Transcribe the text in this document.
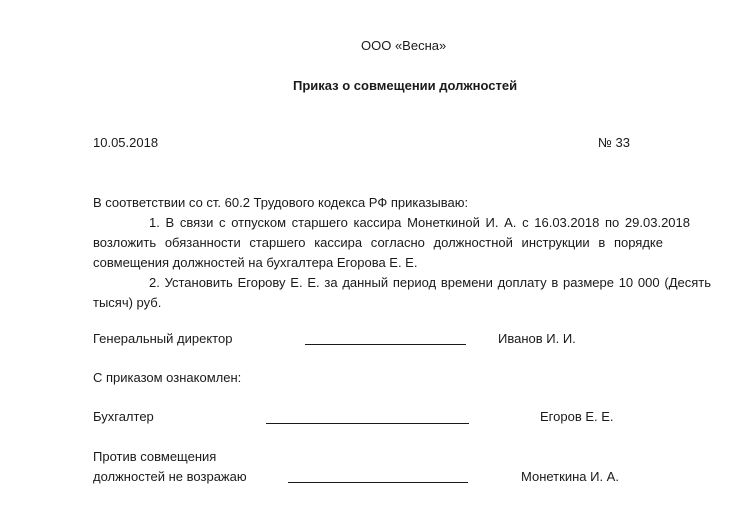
ООО «Весна»
Приказ о совмещении должностей
10.05.2018	№ 33

В соответствии со ст. 60.2 Трудового кодекса РФ приказываю:

1. В связи с отпуском старшего кассира Монеткиной И. А. с 16.03.2018 по 29.03.2018

возложить обязанности старшего кассира согласно должностной инструкции в порядке

совмещения должностей на бухгалтера Егорова Е. Е.

2. Установить Егорову Е. Е. за данный период времени доплату в размере 10 000 (Десять

тысяч) руб.

Генеральный директор	Иванов И. И.
С приказом ознакомлен:
Бухгалтер	Егоров Е. Е.
Против совмещения
должностей не возражаю	Монеткина И. А.
